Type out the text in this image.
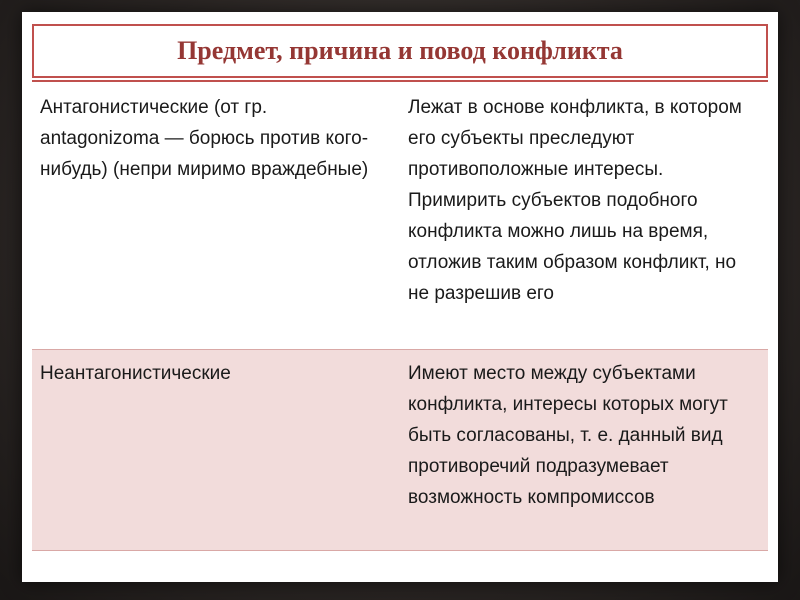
Предмет, причина и повод конфликта
Антагонистические (от гр. antagonizoma — борюсь против кого-нибудь) (непри миримо враждебные)
Лежат в основе конфликта, в котором его субъекты преследуют противоположные интересы. Примирить субъектов подобного конфликта можно лишь на время, отложив таким образом конфликт, но не разрешив его
Неантагонистические	Имеют место между субъектами конфликта, интересы которых могут быть согласованы, т. е. данный вид противоречий подразумевает возможность компромиссов
